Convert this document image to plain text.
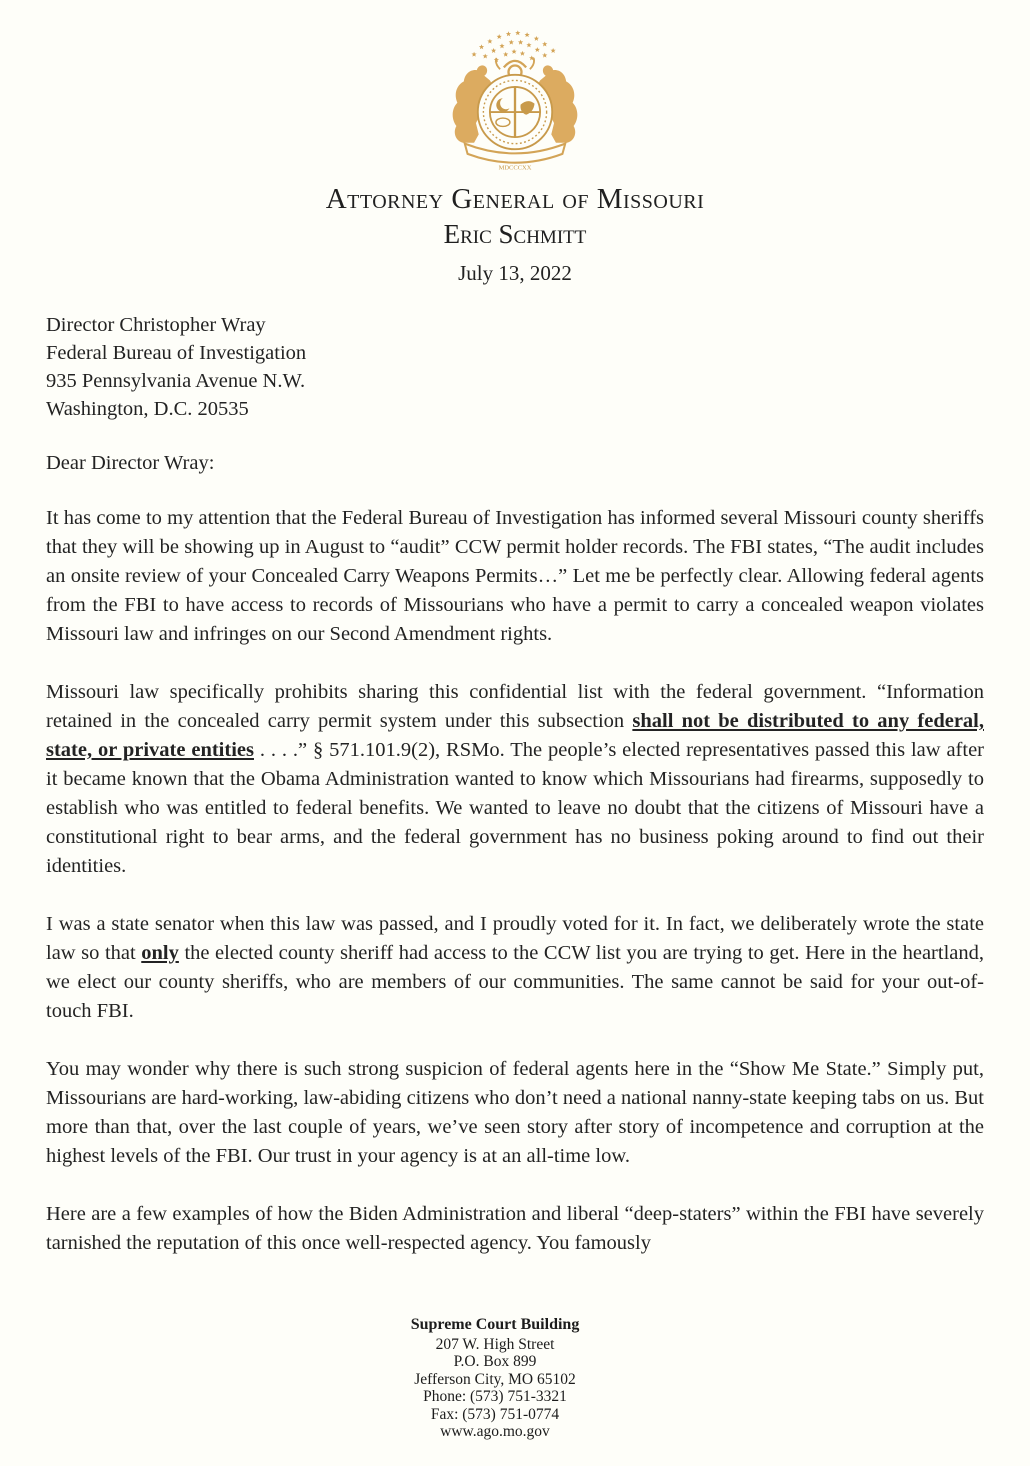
MDCCCXX
Attorney General of Missouri
Eric Schmitt
July 13, 2022
Director Christopher Wray
Federal Bureau of Investigation
935 Pennsylvania Avenue N.W.
Washington, D.C. 20535
Dear Director Wray:

It has come to my attention that the Federal Bureau of Investigation has informed several Missouri county sheriffs that they will be showing up in August to “audit” CCW permit holder records. The FBI states, “The audit includes an onsite review of your Concealed Carry Weapons Permits…” Let me be perfectly clear. Allowing federal agents from the FBI to have access to records of Missourians who have a permit to carry a concealed weapon violates Missouri law and infringes on our Second Amendment rights.

Missouri law specifically prohibits sharing this confidential list with the federal government. “Information retained in the concealed carry permit system under this subsection shall not be distributed to any federal, state, or private entities . . . .” § 571.101.9(2), RSMo. The people’s elected representatives passed this law after it became known that the Obama Administration wanted to know which Missourians had firearms, supposedly to establish who was entitled to federal benefits. We wanted to leave no doubt that the citizens of Missouri have a constitutional right to bear arms, and the federal government has no business poking around to find out their identities.

I was a state senator when this law was passed, and I proudly voted for it. In fact, we deliberately wrote the state law so that only the elected county sheriff had access to the CCW list you are trying to get. Here in the heartland, we elect our county sheriffs, who are members of our communities. The same cannot be said for your out-of-touch FBI.

You may wonder why there is such strong suspicion of federal agents here in the “Show Me State.” Simply put, Missourians are hard-working, law-abiding citizens who don’t need a national nanny-state keeping tabs on us. But more than that, over the last couple of years, we’ve seen story after story of incompetence and corruption at the highest levels of the FBI. Our trust in your agency is at an all-time low.

Here are a few examples of how the Biden Administration and liberal “deep-staters” within the FBI have severely tarnished the reputation of this once well-respected agency. You famously

Supreme Court Building
207 W. High Street
P.O. Box 899
Jefferson City, MO 65102
Phone: (573) 751-3321
Fax: (573) 751-0774
www.ago.mo.gov
